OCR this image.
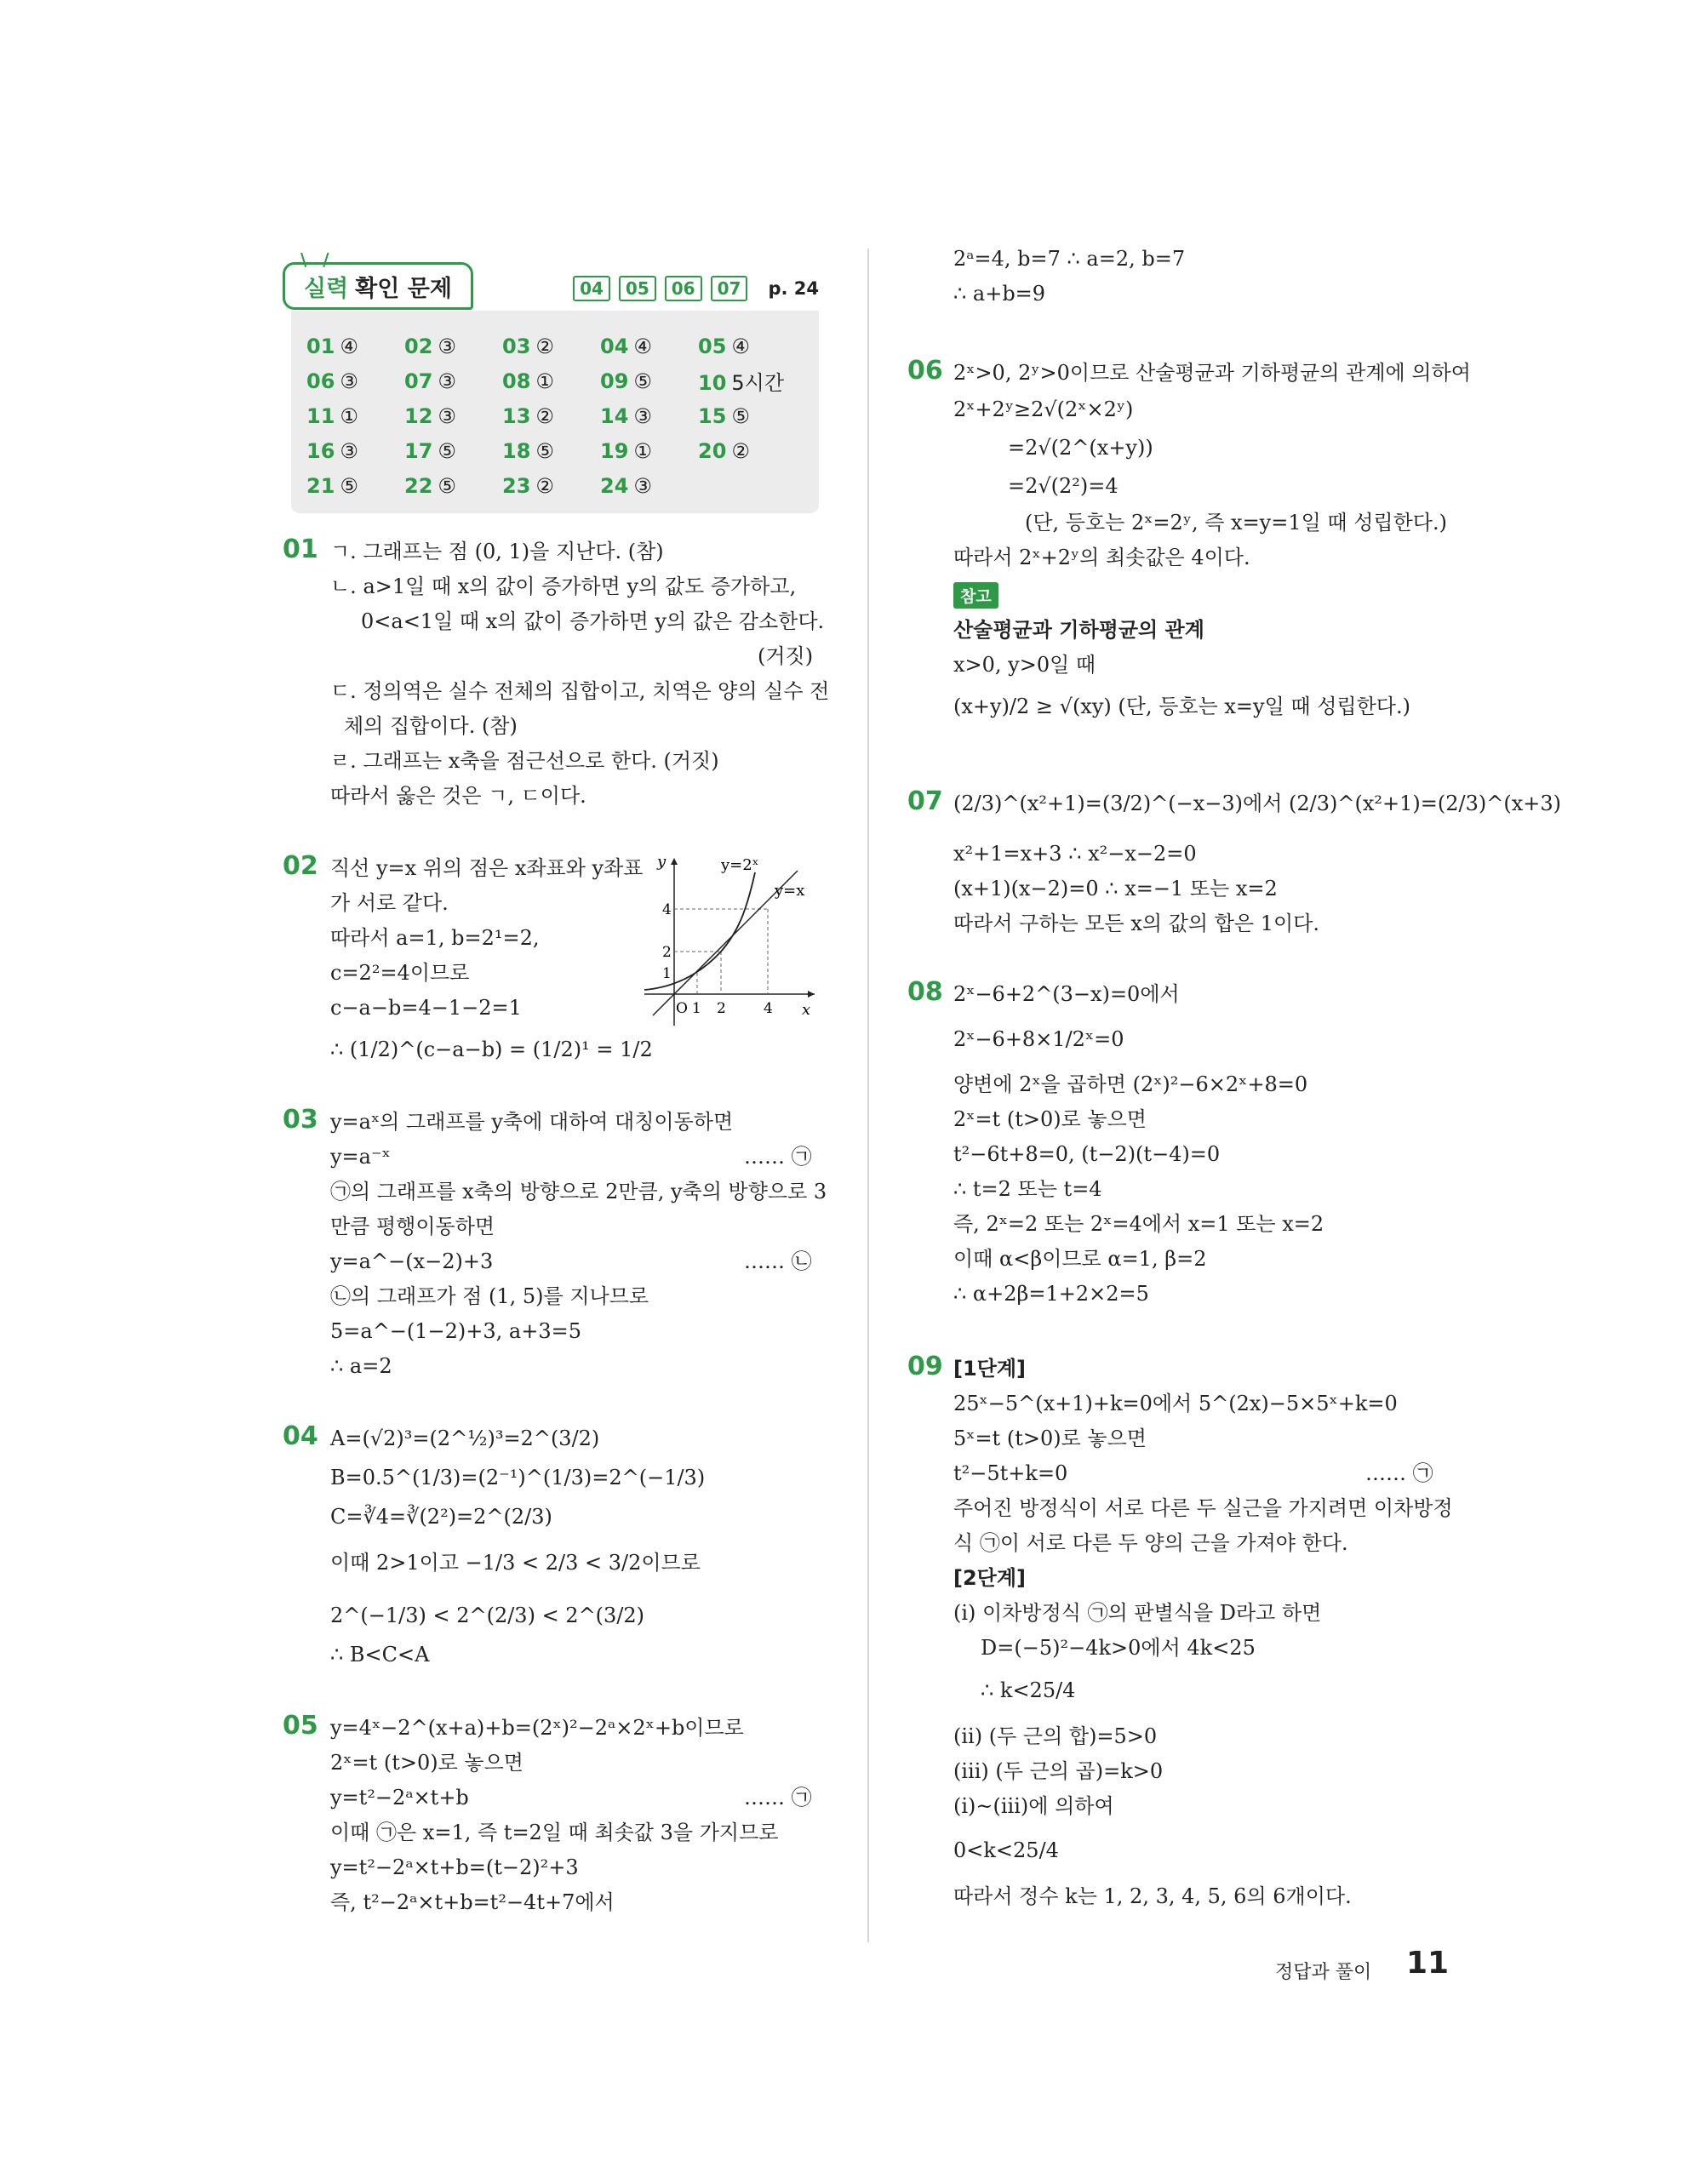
\ /
실력 확인 문제	04	05	06	07	p. 24
01 ④	02 ③	03 ②	04 ④	05 ④
06 ③	07 ③	08 ①	09 ⑤	10 5시간
11 ①	12 ③	13 ②	14 ③	15 ⑤
16 ③	17 ⑤	18 ⑤	19 ①	20 ②
21 ⑤	22 ⑤	23 ②	24 ③
01 ㄱ. 그래프는 점 (0, 1)을 지난다. (참)
ㄴ. a>1일 때 x의 값이 증가하면 y의 값도 증가하고,
0<a<1일 때 x의 값이 증가하면 y의 값은 감소한다.
(거짓)
ㄷ. 정의역은 실수 전체의 집합이고, 치역은 양의 실수 전
체의 집합이다. (참)
ㄹ. 그래프는 x축을 점근선으로 한다. (거짓)
따라서 옳은 것은 ㄱ, ㄷ이다.
02 직선 y=x 위의 점은 x좌표와 y좌표
가 서로 같다.
따라서 a=1, b=2¹=2,
c=2²=4이므로
c−a−b=4−1−2=1
∴ (1/2)^(c−a−b) = (1/2)¹ = 1/2
y=2ˣ
y=x
y
x
O 1 2	4
1
2
4
03 y=aˣ의 그래프를 y축에 대하여 대칭이동하면
y=a⁻ˣ	…… ㉠
㉠의 그래프를 x축의 방향으로 2만큼, y축의 방향으로 3
만큼 평행이동하면
y=a^−(x−2)+3	…… ㉡
㉡의 그래프가 점 (1, 5)를 지나므로
5=a^−(1−2)+3, a+3=5
∴ a=2
04 A=(√2)³=(2^½)³=2^(3/2)
B=0.5^(1/3)=(2⁻¹)^(1/3)=2^(−1/3)
C=∛4=∛(2²)=2^(2/3)
이때 2>1이고 −1/3 < 2/3 < 3/2이므로
2^(−1/3) < 2^(2/3) < 2^(3/2)
∴ B<C<A
05 y=4ˣ−2^(x+a)+b=(2ˣ)²−2ᵃ×2ˣ+b이므로
2ˣ=t (t>0)로 놓으면
y=t²−2ᵃ×t+b	…… ㉠
이때 ㉠은 x=1, 즉 t=2일 때 최솟값 3을 가지므로
y=t²−2ᵃ×t+b=(t−2)²+3
즉, t²−2ᵃ×t+b=t²−4t+7에서
2ᵃ=4, b=7 ∴ a=2, b=7
∴ a+b=9
06 2ˣ>0, 2ʸ>0이므로 산술평균과 기하평균의 관계에 의하여
2ˣ+2ʸ≥2√(2ˣ×2ʸ)
=2√(2^(x+y))
=2√(2²)=4
(단, 등호는 2ˣ=2ʸ, 즉 x=y=1일 때 성립한다.)
따라서 2ˣ+2ʸ의 최솟값은 4이다.
참고
산술평균과 기하평균의 관계
x>0, y>0일 때
(x+y)/2 ≥ √(xy) (단, 등호는 x=y일 때 성립한다.)
07 (2/3)^(x²+1)=(3/2)^(−x−3)에서 (2/3)^(x²+1)=(2/3)^(x+3)
x²+1=x+3 ∴ x²−x−2=0
(x+1)(x−2)=0 ∴ x=−1 또는 x=2
따라서 구하는 모든 x의 값의 합은 1이다.
08 2ˣ−6+2^(3−x)=0에서
2ˣ−6+8×1/2ˣ=0
양변에 2ˣ을 곱하면 (2ˣ)²−6×2ˣ+8=0
2ˣ=t (t>0)로 놓으면
t²−6t+8=0, (t−2)(t−4)=0
∴ t=2 또는 t=4
즉, 2ˣ=2 또는 2ˣ=4에서 x=1 또는 x=2
이때 α<β이므로 α=1, β=2
∴ α+2β=1+2×2=5
09 [1단계]
25ˣ−5^(x+1)+k=0에서 5^(2x)−5×5ˣ+k=0
5ˣ=t (t>0)로 놓으면
t²−5t+k=0	…… ㉠
주어진 방정식이 서로 다른 두 실근을 가지려면 이차방정
식 ㉠이 서로 다른 두 양의 근을 가져야 한다.
[2단계]
(ⅰ) 이차방정식 ㉠의 판별식을 D라고 하면
D=(−5)²−4k>0에서 4k<25
∴ k<25/4
(ⅱ) (두 근의 합)=5>0
(ⅲ) (두 근의 곱)=k>0
(ⅰ)~(ⅲ)에 의하여
0<k<25/4
따라서 정수 k는 1, 2, 3, 4, 5, 6의 6개이다.
정답과 풀이 11
